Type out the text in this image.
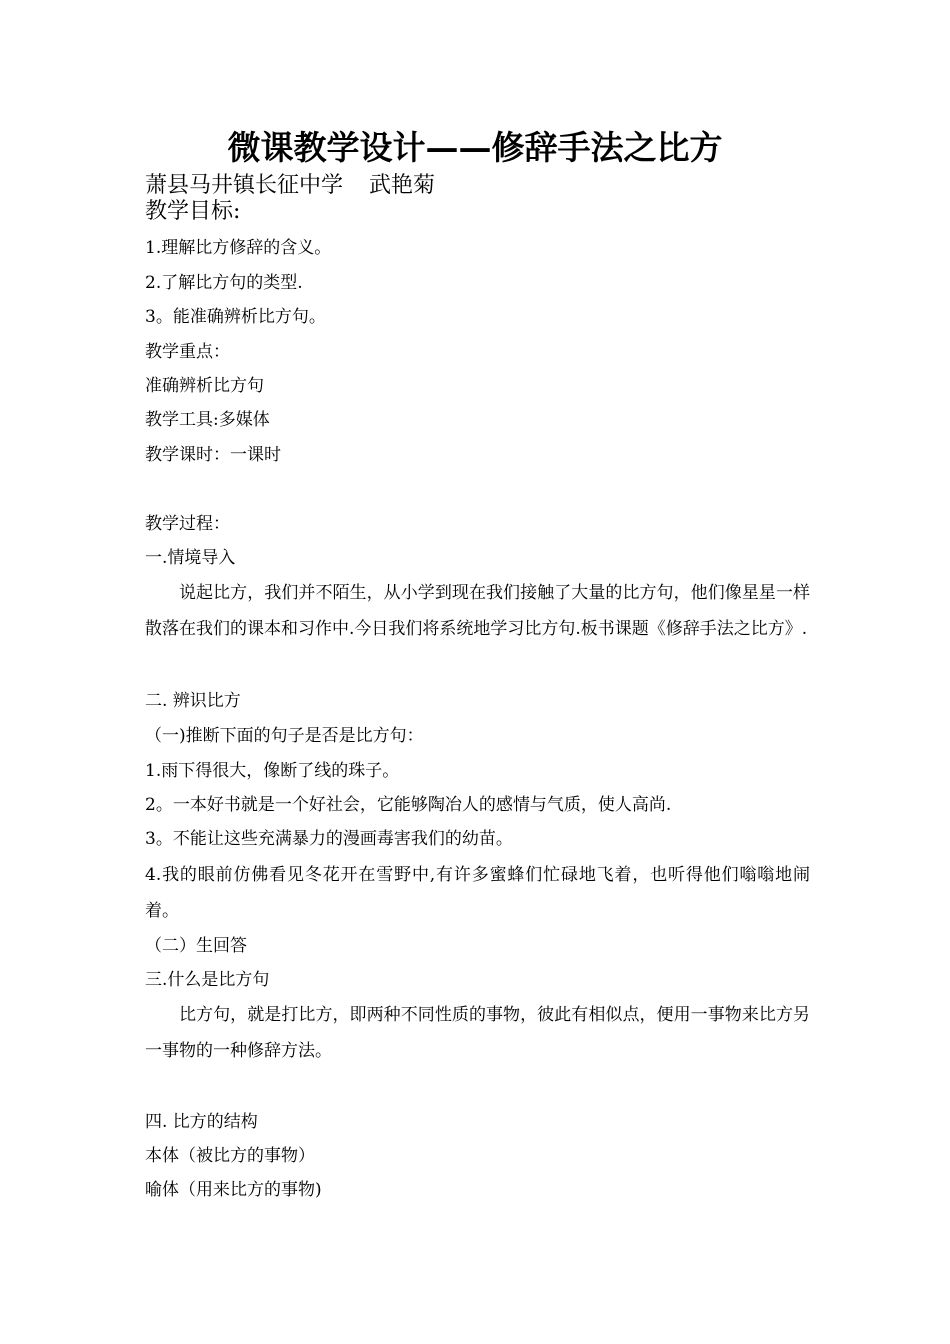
微课教学设计——修辞手法之比方
萧县马井镇长征中学 武艳菊
教学目标:
1.理解比方修辞的含义。
2.了解比方句的类型.
3。能准确辨析比方句。
教学重点：
准确辨析比方句
教学工具:多媒体
教学课时：一课时
教学过程：
一.情境导入
说起比方，我们并不陌生，从小学到现在我们接触了大量的比方句，他们像星星一样散落在我们的课本和习作中.今日我们将系统地学习比方句.板书课题《修辞手法之比方》.
二. 辨识比方
（一)推断下面的句子是否是比方句：
1.雨下得很大，像断了线的珠子。
2。一本好书就是一个好社会，它能够陶冶人的感情与气质，使人高尚.
3。不能让这些充满暴力的漫画毒害我们的幼苗。
4.我的眼前仿佛看见冬花开在雪野中,有许多蜜蜂们忙碌地飞着，也听得他们嗡嗡地闹着。
（二）生回答
三.什么是比方句
比方句，就是打比方，即两种不同性质的事物，彼此有相似点，便用一事物来比方另一事物的一种修辞方法。
四. 比方的结构
本体（被比方的事物）
喻体（用来比方的事物)
